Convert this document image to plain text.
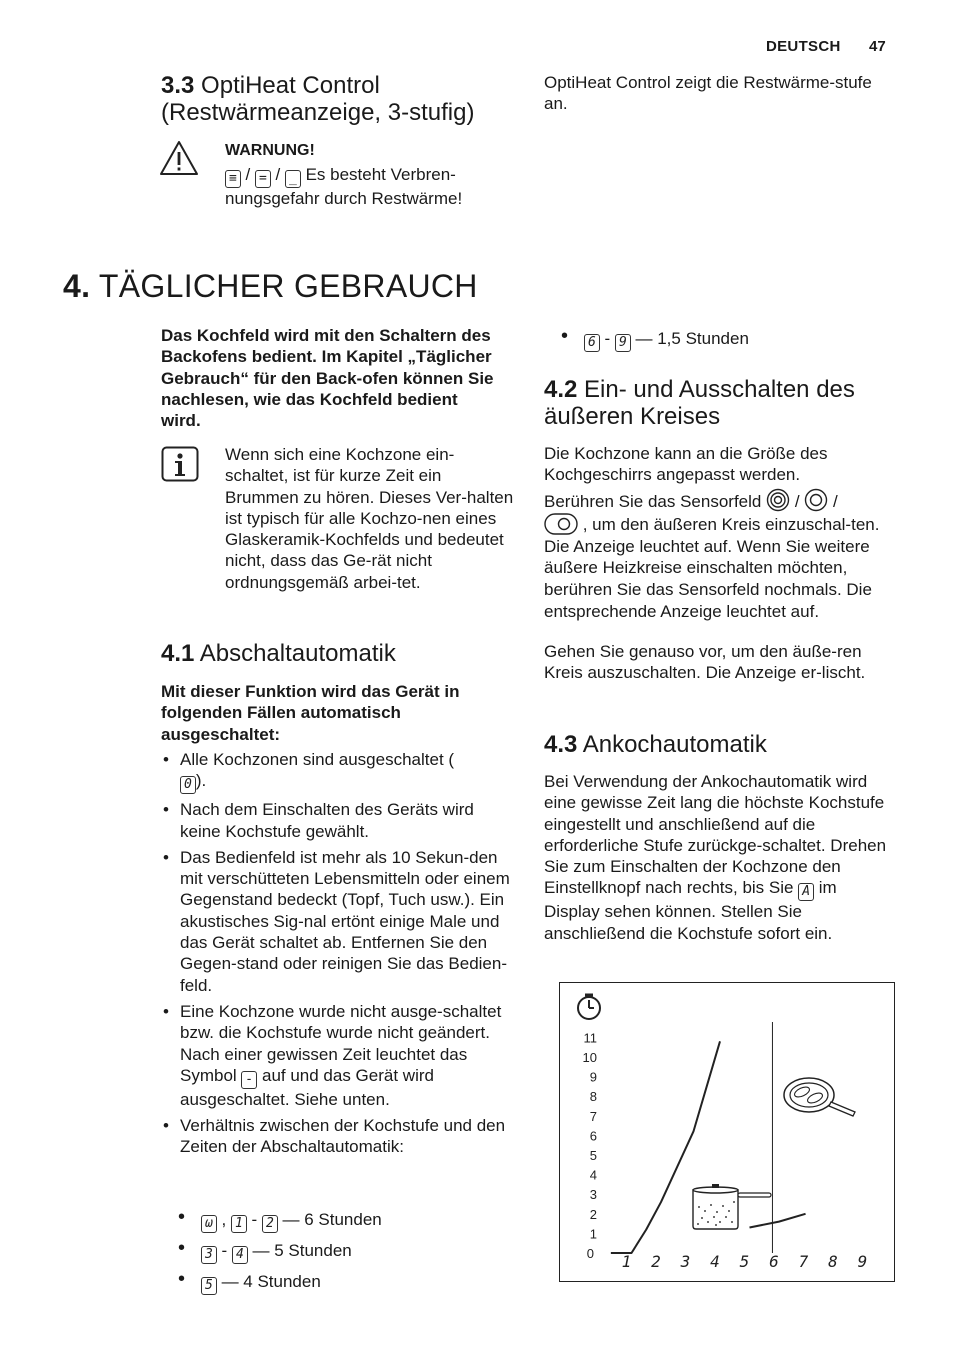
DEUTSCH 47
3.3 OptiHeat Control
(Restwärmeanzeige, 3-stufig)
WARNUNG!
≡ / = / _ Es besteht Verbren-
nungsgefahr durch Restwärme!
OptiHeat Control zeigt die Restwärme-stufe an.
4. TÄGLICHER GEBRAUCH
Das Kochfeld wird mit den Schaltern des Backofens bedient. Im Kapitel „Täglicher Gebrauch“ für den Back-ofen können Sie nachlesen, wie das Kochfeld bedient wird.
Wenn sich eine Kochzone ein-schaltet, ist für kurze Zeit ein Brummen zu hören. Dieses Ver-halten ist typisch für alle Kochzo-nen eines Glaskeramik-Kochfelds und bedeutet nicht, dass das Ge-rät nicht ordnungsgemäß arbei-tet.
4.1 Abschaltautomatik
Mit dieser Funktion wird das Gerät in folgenden Fällen automatisch ausgeschaltet:
• Alle Kochzonen sind ausgeschaltet (
0 ).
• Nach dem Einschalten des Geräts wird keine Kochstufe gewählt.
• Das Bedienfeld ist mehr als 10 Sekun-den mit verschütteten Lebensmitteln oder einem Gegenstand bedeckt (Topf, Tuch usw.). Ein akustisches Sig-nal ertönt einige Male und das Gerät schaltet ab. Entfernen Sie den Gegen-stand oder reinigen Sie das Bedien-feld.
• Eine Kochzone wurde nicht ausge-schaltet bzw. die Kochstufe wurde nicht geändert. Nach einer gewissen Zeit leuchtet das Symbol - auf und das Gerät wird ausgeschaltet. Siehe unten.
• Verhältnis zwischen der Kochstufe und den Zeiten der Abschaltautomatik:
• ω , 1 - 2 — 6 Stunden
• 3 - 4 — 5 Stunden
• 5 — 4 Stunden
• 6 - 9 — 1,5 Stunden
4.2 Ein- und Ausschalten des
äußeren Kreises
Die Kochzone kann an die Größe des Kochgeschirrs angepasst werden.
Berühren Sie das Sensorfeld  /  /
, um den äußeren Kreis einzuschal-ten. Die Anzeige leuchtet auf. Wenn Sie weitere äußere Heizkreise einschalten möchten, berühren Sie das Sensorfeld nochmals. Die entsprechende Anzeige leuchtet auf.
Gehen Sie genauso vor, um den äuße-ren Kreis auszuschalten. Die Anzeige er-lischt.
4.3 Ankochautomatik
Bei Verwendung der Ankochautomatik wird eine gewisse Zeit lang die höchste Kochstufe eingestellt und anschließend auf die erforderliche Stufe zurückge-schaltet. Drehen Sie zum Einschalten der Kochzone den Einstellknopf nach rechts, bis Sie A im Display sehen können. Stellen Sie anschließend die Kochstufe sofort ein.
0
1
2
3
4
5
6
7
8
9
10
11
1 2 3 4 5 6 7 8 9
